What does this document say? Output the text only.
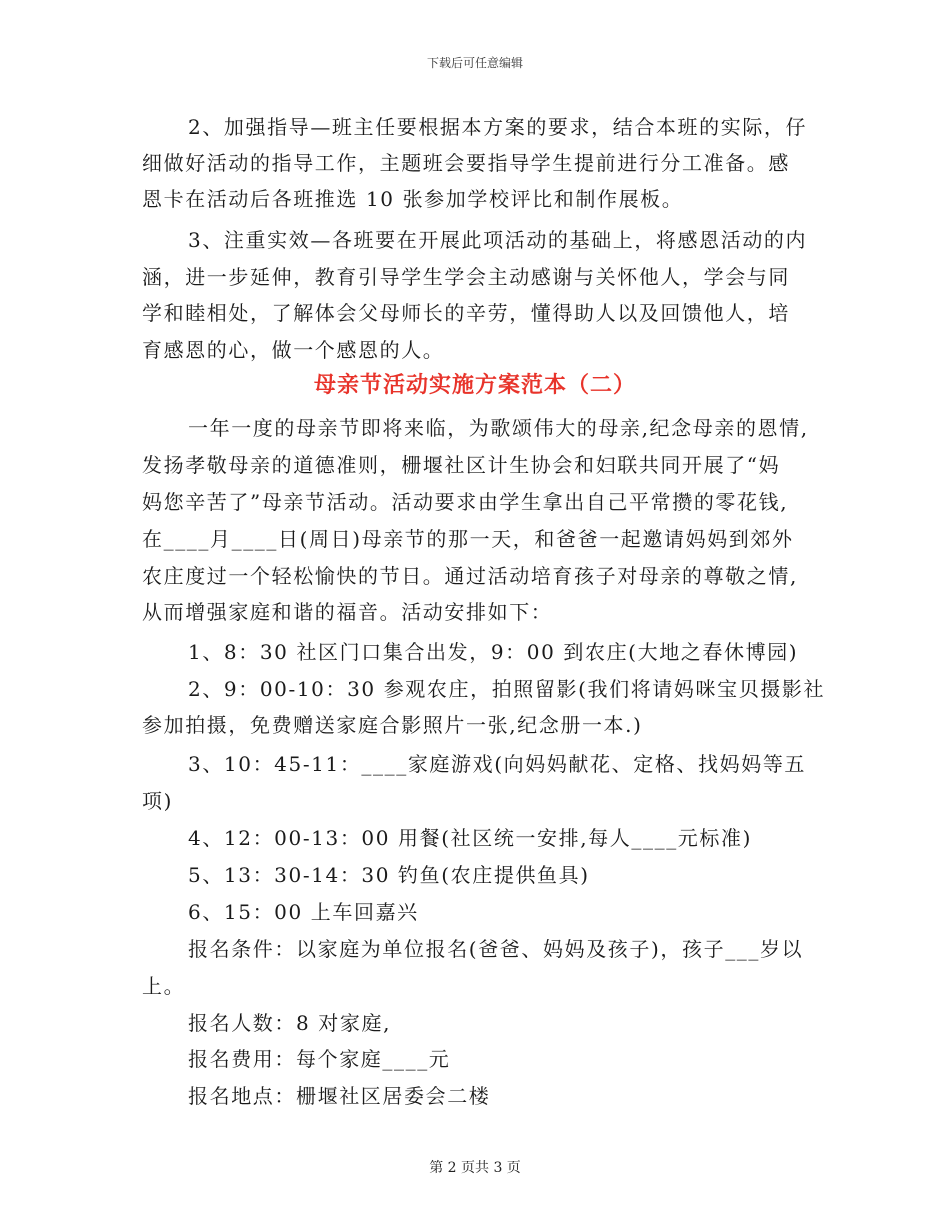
下载后可任意编辑
2、加强指导—班主任要根据本方案的要求，结合本班的实际，仔
细做好活动的指导工作，主题班会要指导学生提前进行分工准备。感
恩卡在活动后各班推选 10 张参加学校评比和制作展板。
3、注重实效—各班要在开展此项活动的基础上，将感恩活动的内
涵，进一步延伸，教育引导学生学会主动感谢与关怀他人，学会与同
学和睦相处，了解体会父母师长的辛劳，懂得助人以及回馈他人，培
育感恩的心，做一个感恩的人。
母亲节活动实施方案范本（二）
一年一度的母亲节即将来临，为歌颂伟大的母亲,纪念母亲的恩情,
发扬孝敬母亲的道德准则，栅堰社区计生协会和妇联共同开展了“妈
妈您辛苦了”母亲节活动。活动要求由学生拿出自己平常攒的零花钱,
在____月____日(周日)母亲节的那一天，和爸爸一起邀请妈妈到郊外
农庄度过一个轻松愉快的节日。通过活动培育孩子对母亲的尊敬之情,
从而增强家庭和谐的福音。活动安排如下：
1、8：30 社区门口集合出发，9：00 到农庄(大地之春休博园)
2、9：00-10：30 参观农庄，拍照留影(我们将请妈咪宝贝摄影社
参加拍摄，免费赠送家庭合影照片一张,纪念册一本.)
3、10：45-11：____家庭游戏(向妈妈献花、定格、找妈妈等五
项)
4、12：00-13：00 用餐(社区统一安排,每人____元标准)
5、13：30-14：30 钓鱼(农庄提供鱼具)
6、15：00 上车回嘉兴
报名条件：以家庭为单位报名(爸爸、妈妈及孩子)，孩子___岁以
上。
报名人数：8 对家庭,
报名费用：每个家庭____元
报名地点：栅堰社区居委会二楼
第 2 页共 3 页
